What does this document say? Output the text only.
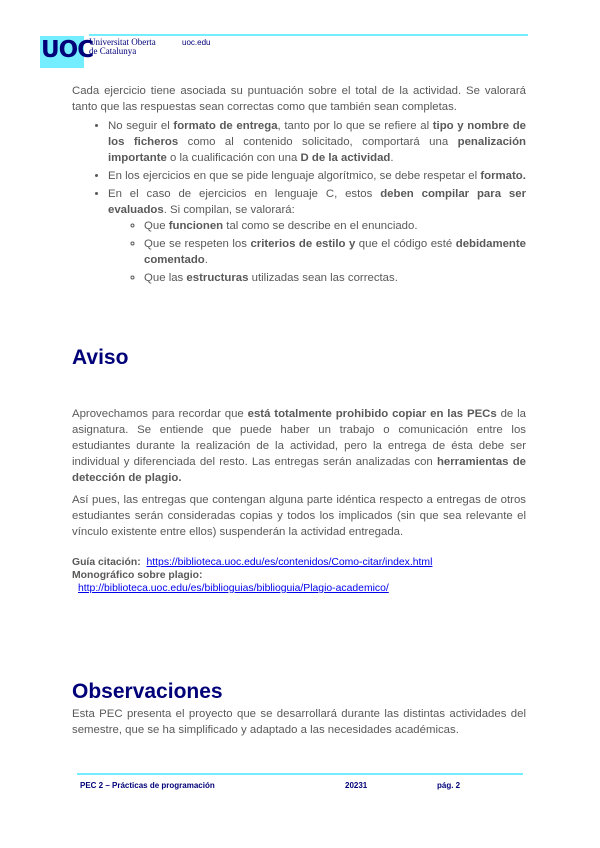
UOC
Universitat Oberta
de Catalunya
uoc.edu

Cada ejercicio tiene asociada su puntuación sobre el total de la actividad. Se valorará tanto que las respuestas sean correctas como que también sean completas.

• No seguir el formato de entrega, tanto por lo que se refiere al tipo y nombre de los ficheros como al contenido solicitado, comportará una penalización importante o la cualificación con una D de la actividad.
• En los ejercicios en que se pide lenguaje algorítmico, se debe respetar el formato.
• En el caso de ejercicios en lenguaje C, estos deben compilar para ser evaluados. Si compilan, se valorará:
◦ Que funcionen tal como se describe en el enunciado.
◦ Que se respeten los criterios de estilo y que el código esté debidamente comentado.
◦ Que las estructuras utilizadas sean las correctas.
Aviso

Aprovechamos para recordar que está totalmente prohibido copiar en las PECs de la asignatura. Se entiende que puede haber un trabajo o comunicación entre los estudiantes durante la realización de la actividad, pero la entrega de ésta debe ser individual y diferenciada del resto. Las entregas serán analizadas con herramientas de detección de plagio.

Así pues, las entregas que contengan alguna parte idéntica respecto a entregas de otros estudiantes serán consideradas copias y todos los implicados (sin que sea relevante el vínculo existente entre ellos) suspenderán la actividad entregada.

Guía citación: https://biblioteca.uoc.edu/es/contenidos/Como-citar/index.html
Monográfico sobre plagio:
http://biblioteca.uoc.edu/es/biblioguias/biblioguia/Plagio-academico/
Observaciones

Esta PEC presenta el proyecto que se desarrollará durante las distintas actividades del semestre, que se ha simplificado y adaptado a las necesidades académicas.

PEC 2 – Prácticas de programación	20231	pág. 2
